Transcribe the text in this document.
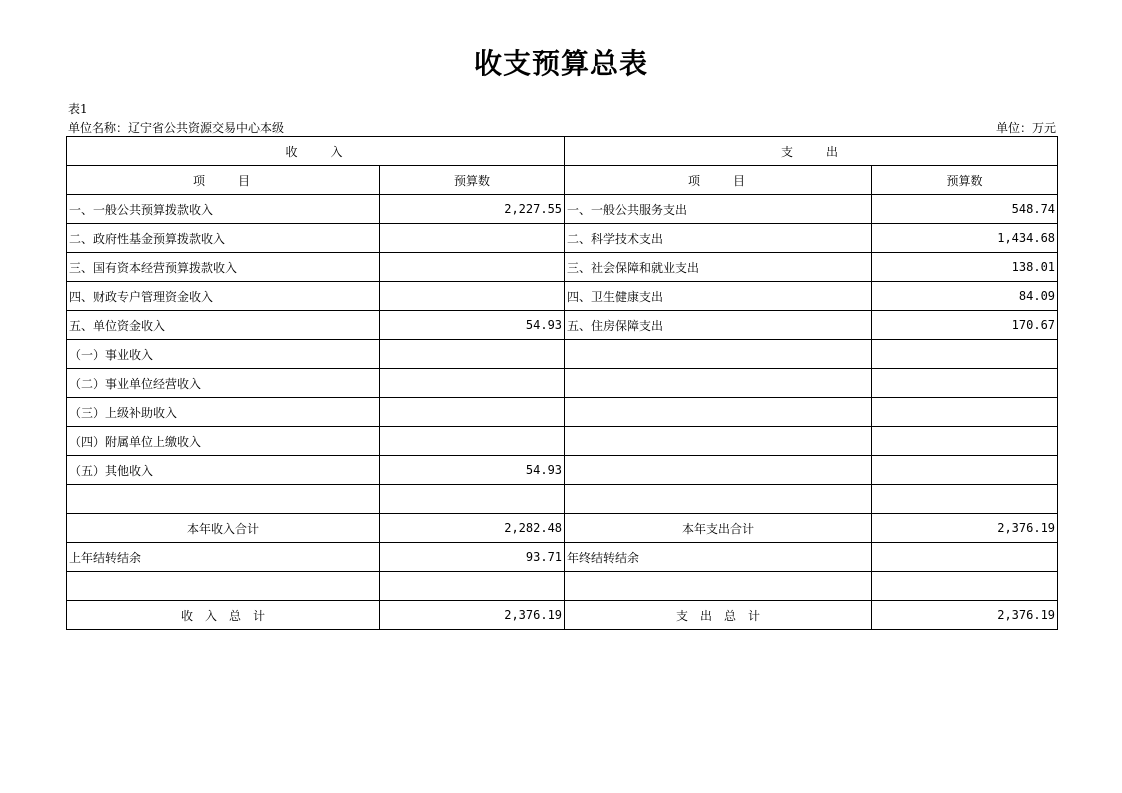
收支预算总表
表1
单位名称：辽宁省公共资源交易中心本级	单位：万元
收　　入		支　　出	
项　　目	预算数	项　　目	预算数
一、一般公共预算拨款收入	2,227.55	一、一般公共服务支出	548.74
二、政府性基金预算拨款收入		二、科学技术支出	1,434.68
三、国有资本经营预算拨款收入		三、社会保障和就业支出	138.01
四、财政专户管理资金收入		四、卫生健康支出	84.09
五、单位资金收入	54.93	五、住房保障支出	170.67
（一）事业收入			
（二）事业单位经营收入			
（三）上级补助收入			
（四）附属单位上缴收入			
（五）其他收入	54.93		

本年收入合计	2,282.48	本年支出合计	2,376.19
上年结转结余	93.71	年终结转结余	

收　入　总　计	2,376.19	支　出　总　计	2,376.19
